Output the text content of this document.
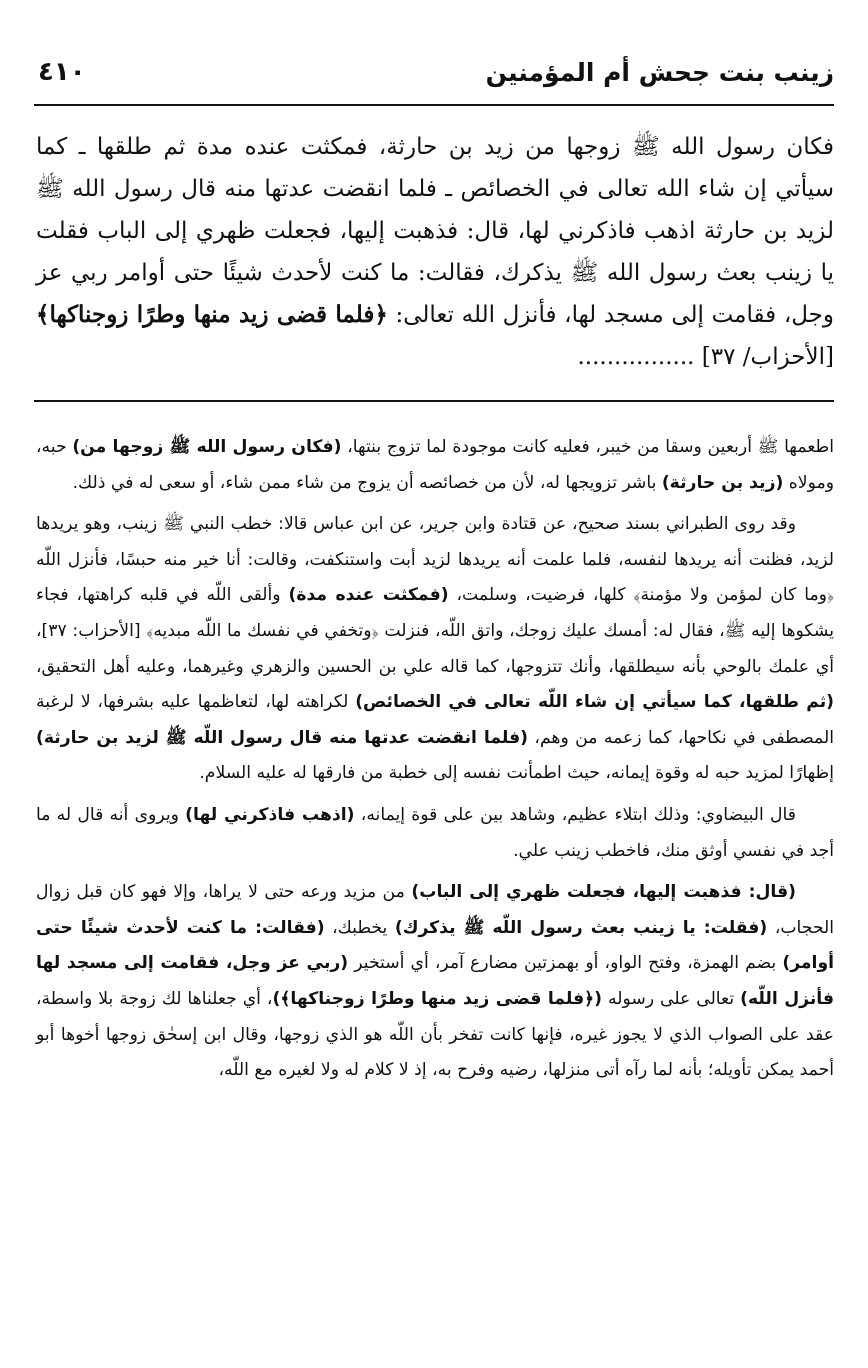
زينب بنت جحش أم المؤمنين
٤١٠

فكان رسول الله ﷺ زوجها من زيد بن حارثة، فمكثت عنده مدة ثم طلقها ـ كما سيأتي إن شاء الله تعالى في الخصائص ـ فلما انقضت عدتها منه قال رسول الله ﷺ لزيد بن حارثة اذهب فاذكرني لها، قال: فذهبت إليها، فجعلت ظهري إلى الباب فقلت يا زينب بعث رسول الله ﷺ يذكرك، فقالت: ما كنت لأحدث شيئًا حتى أوامر ربي عز وجل، فقامت إلى مسجد لها، فأنزل الله تعالى: ﴿فلما قضى زيد منها وطرًا زوجناكها﴾ [الأحزاب/ ٣٧] ................

اطعمها ﷺ أربعين وسقا من خيبر، فعليه كانت موجودة لما تزوج بنتها، (فكان رسول الله ﷺ زوجها من) حبه، ومولاه (زيد بن حارثة) باشر تزويجها له، لأن من خصائصه أن يزوج من شاء ممن شاء، أو سعى له في ذلك.

وقد روى الطبراني بسند صحيح، عن قتادة وابن جرير، عن ابن عباس قالا: خطب النبي ﷺ زينب، وهو يريدها لزيد، فظنت أنه يريدها لنفسه، فلما علمت أنه يريدها لزيد أبت واستنكفت، وقالت: أنا خير منه حبسًا، فأنزل اللّه ﴿وما كان لمؤمن ولا مؤمنة﴾ كلها، فرضيت، وسلمت، (فمكثت عنده مدة) وألقى اللّه في قلبه كراهتها، فجاء يشكوها إليه ﷺ، فقال له: أمسك عليك زوجك، واتق اللّه، فنزلت ﴿وتخفي في نفسك ما اللّه مبديه﴾ [الأحزاب: ٣٧]، أي علمك بالوحي بأنه سيطلقها، وأنك تتزوجها، كما قاله علي بن الحسين والزهري وغيرهما، وعليه أهل التحقيق، (ثم طلقها، كما سيأتي إن شاء اللّه تعالى في الخصائص) لكراهته لها، لتعاظمها عليه بشرفها، لا لرغبة المصطفى في نكاحها، كما زعمه من وهم، (فلما انقضت عدتها منه قال رسول اللّه ﷺ لزيد بن حارثة) إظهارًا لمزيد حبه له وقوة إيمانه، حيث اطمأنت نفسه إلى خطبة من فارقها له عليه السلام.

قال البيضاوي: وذلك ابتلاء عظيم، وشاهد بين على قوة إيمانه، (اذهب فاذكرني لها) ويروى أنه قال له ما أجد في نفسي أوثق منك، فاخطب زينب علي.

(قال: فذهبت إليها، فجعلت ظهري إلى الباب) من مزيد ورعه حتى لا يراها، وإلا فهو كان قبل زوال الحجاب، (فقلت: يا زينب بعث رسول اللّه ﷺ يذكرك) يخطبك، (فقالت: ما كنت لأحدث شيئًا حتى أوامر) بضم الهمزة، وفتح الواو، أو بهمزتين مضارع آمر، أي أستخير (ربي عز وجل، فقامت إلى مسجد لها فأنزل اللّه) تعالى على رسوله (﴿فلما قضى زيد منها وطرًا زوجناكها﴾)، أي جعلناها لك زوجة بلا واسطة، عقد على الصواب الذي لا يجوز غيره، فإنها كانت تفخر بأن اللّه هو الذي زوجها، وقال ابن إسحٰق زوجها أخوها أبو أحمد يمكن تأويله؛ بأنه لما رآه أتى منزلها، رضيه وفرح به، إذ لا كلام له ولا لغيره مع اللّه،
